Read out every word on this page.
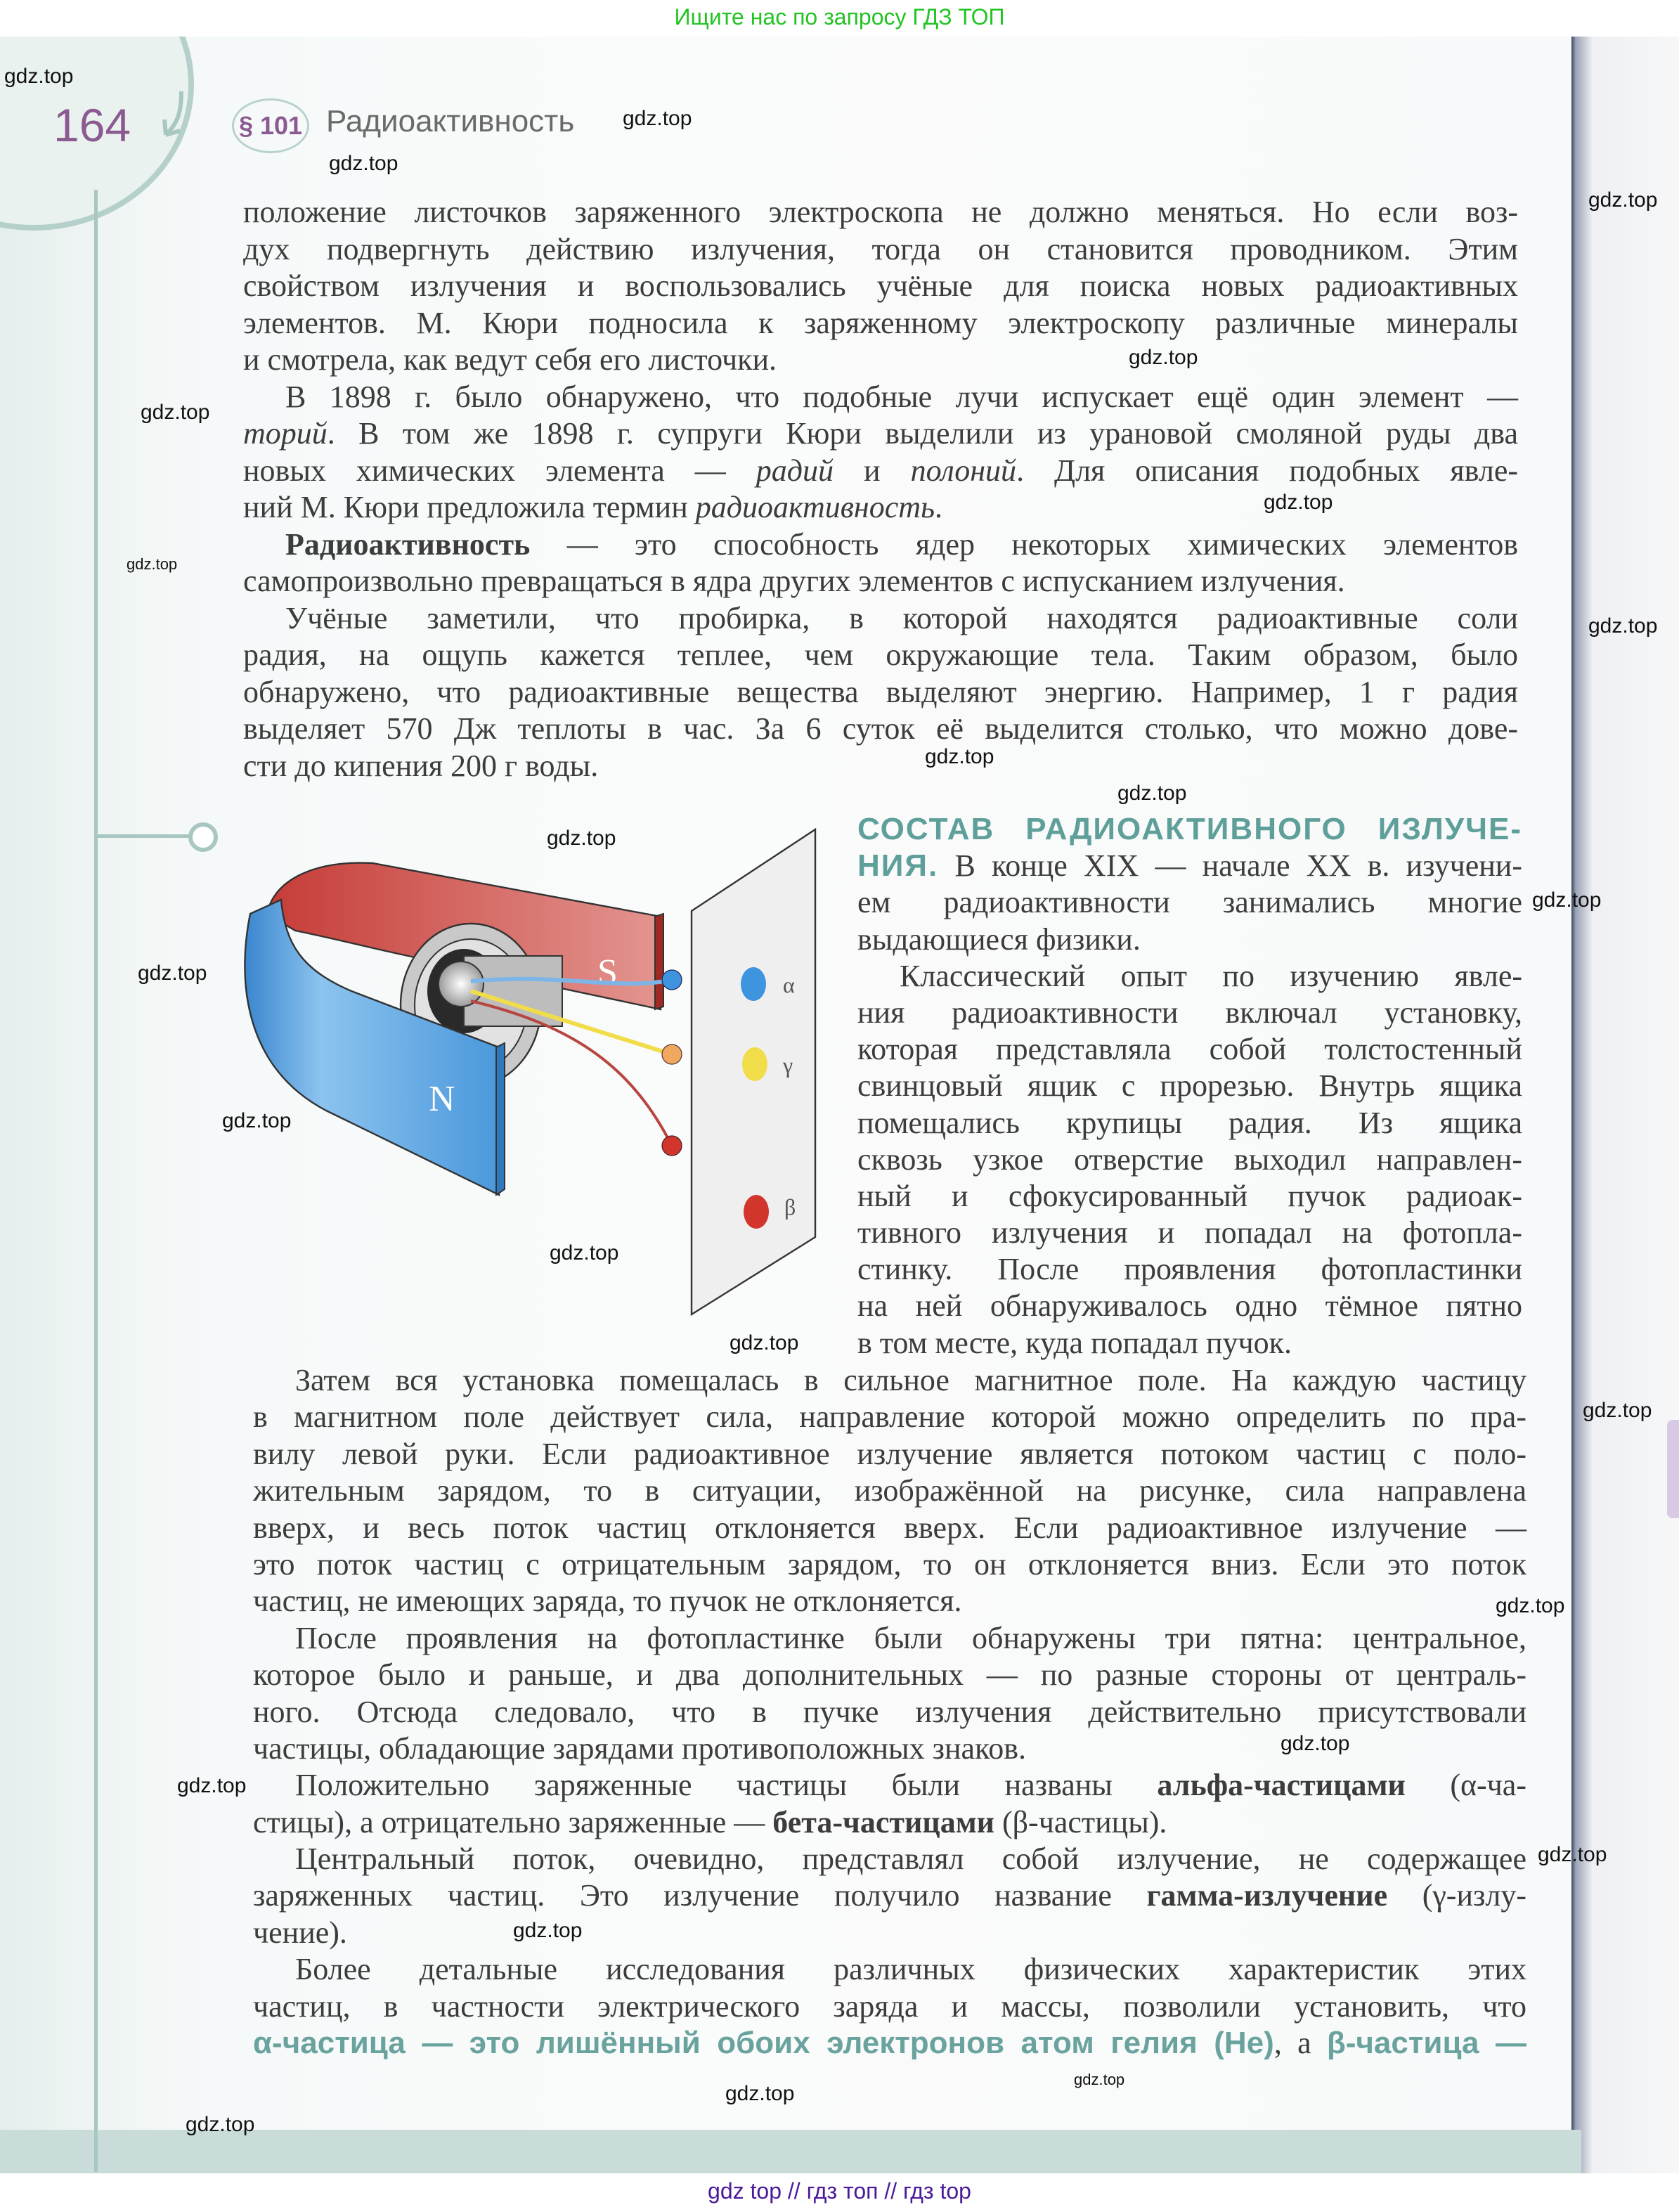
Ищите нас по запросу ГДЗ ТОП
164	§ 101 Радиоактивность
положение листочков заряженного электроскопа не должно меняться. Но если воз-
дух подвергнуть действию излучения, тогда он становится проводником. Этим
свойством излучения и воспользовались учёные для поиска новых радиоактивных
элементов. М. Кюри подносила к заряженному электроскопу различные минералы
и смотрела, как ведут себя его листочки.
В 1898 г. было обнаружено, что подобные лучи испускает ещё один элемент —
торий. В том же 1898 г. супруги Кюри выделили из урановой смоляной руды два
новых химических элемента — радий и полоний. Для описания подобных явле-
ний М. Кюри предложила термин радиоактивность.
Радиоактивность — это способность ядер некоторых химических элементов
самопроизвольно превращаться в ядра других элементов с испусканием излучения.
Учёные заметили, что пробирка, в которой находятся радиоактивные соли
радия, на ощупь кажется теплее, чем окружающие тела. Таким образом, было
обнаружено, что радиоактивные вещества выделяют энергию. Например, 1 г радия
выделяет 570 Дж теплоты в час. За 6 суток её выделится столько, что можно дове-
сти до кипения 200 г воды.
СОСТАВ РАДИОАКТИВНОГО ИЗЛУЧЕ-
НИЯ. В конце XIX — начале XX в. изучени-
ем радиоактивности занимались многие
выдающиеся физики.
Классический опыт по изучению явле-
ния радиоактивности включал установку,
которая представляла собой толстостенный
свинцовый ящик с прорезью. Внутрь ящика
помещались крупицы радия. Из ящика
сквозь узкое отверстие выходил направлен-
ный и сфокусированный пучок радиоак-
тивного излучения и попадал на фотопла-
стинку. После проявления фотопластинки
на ней обнаруживалось одно тёмное пятно
в том месте, куда попадал пучок.
Затем вся установка помещалась в сильное магнитное поле. На каждую частицу
в магнитном поле действует сила, направление которой можно определить по пра-
вилу левой руки. Если радиоактивное излучение является потоком частиц с поло-
жительным зарядом, то в ситуации, изображённой на рисунке, сила направлена
вверх, и весь поток частиц отклоняется вверх. Если радиоактивное излучение —
это поток частиц с отрицательным зарядом, то он отклоняется вниз. Если это поток
частиц, не имеющих заряда, то пучок не отклоняется.
После проявления на фотопластинке были обнаружены три пятна: центральное,
которое было и раньше, и два дополнительных — по разные стороны от централь-
ного. Отсюда следовало, что в пучке излучения действительно присутствовали
частицы, обладающие зарядами противоположных знаков.
Положительно заряженные частицы были названы альфа-частицами (α-ча-
стицы), а отрицательно заряженные — бета-частицами (β-частицы).
Центральный поток, очевидно, представлял собой излучение, не содержащее
заряженных частиц. Это излучение получило название гамма-излучение (γ-излу-
чение).
Более детальные исследования различных физических характеристик этих
частиц, в частности электрического заряда и массы, позволили установить, что
α-частица — это лишённый обоих электронов атом гелия (He), а β-частица —
S
N
α
γ
β
gdz.top
gdz.top
gdz.top
gdz.top
gdz.top
gdz.top
gdz.top
gdz.top
gdz.top
gdz.top
gdz.top
gdz.top
gdz.top
gdz.top
gdz.top
gdz.top
gdz.top
gdz.top
gdz.top
gdz.top
gdz.top
gdz.top
gdz.top
gdz.top
gdz.top
gdz.top
gdz top // гдз топ // гдз top
